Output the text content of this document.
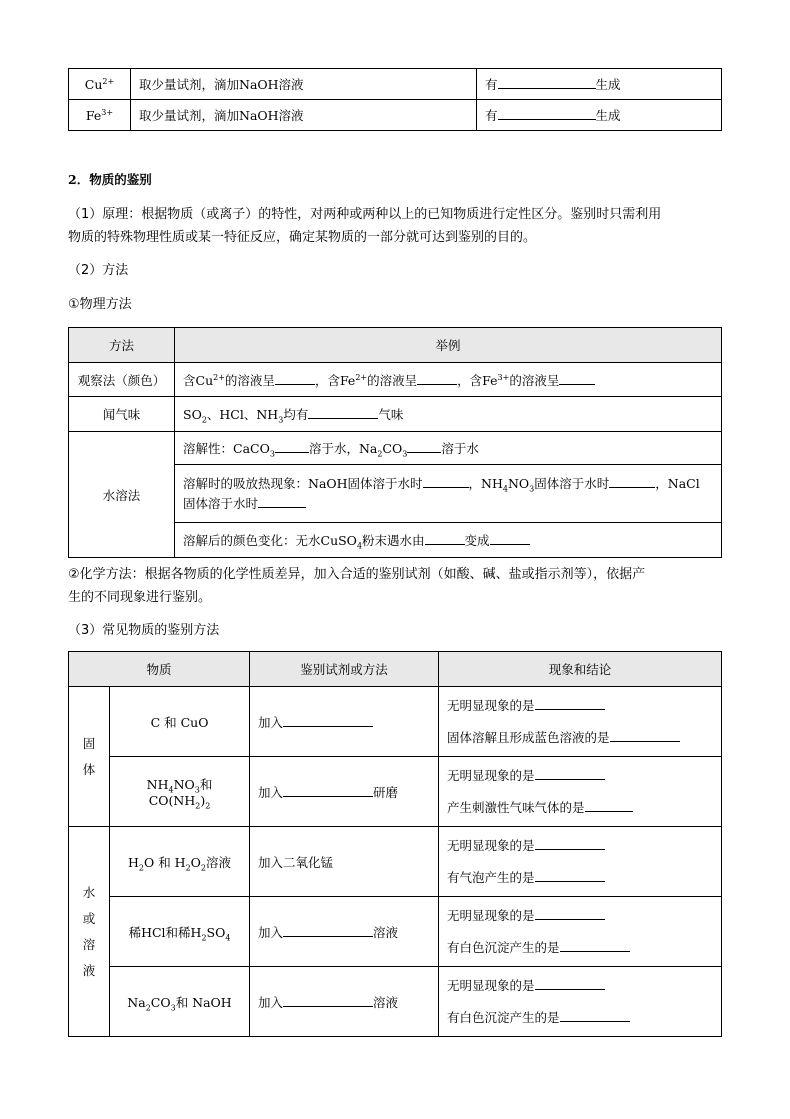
$Cu^{2+}$	取少量试剂，滴加NaOH溶液	有 生成
$Fe^{3+}$	取少量试剂，滴加NaOH溶液	有 生成
2．物质的鉴别
（1）原理：根据物质（或离子）的特性，对两种或两种以上的已知物质进行定性区分。鉴别时只需利用
物质的特殊物理性质或某一特征反应，确定某物质的一部分就可达到鉴别的目的。
（2）方法
①物理方法
方法	举例
观察法（颜色）	含$Cu^{2+}$的溶液呈 ，含$Fe^{2+}$的溶液呈 ，含$Fe^{3+}$的溶液呈
闻气味	$SO_2$、HCl、$NH_3$均有 气味
水溶法	溶解性：CaCO$_3$ 溶于水，$Na_2CO_3$ 溶于水

	溶解时的吸放热现象：NaOH固体溶于水时 ，$NH_4NO_3$固体溶于水时 ，NaCl
固体溶于水时

	溶解后的颜色变化：无水CuSO$_4$粉末遇水由 变成
②化学方法：根据各物质的化学性质差异，加入合适的鉴别试剂（如酸、碱、盐或指示剂等），依据产
生的不同现象进行鉴别。
（3）常见物质的鉴别方法
物质		鉴别试剂或方法	现象和结论
固
体	C 和 CuO	加入	无明显现象的是
固体溶解且形成蓝色溶液的是

	$NH_4NO_3$和$CO(NH_2)_2$	加入 研磨	无明显现象的是
产生刺激性气味气体的是

水
或
溶
液	$H_2O$ 和 $H_2O_2$溶液	加入二氧化锰	无明显现象的是
有气泡产生的是

	稀HCl和稀$H_2SO_4$	加入 溶液	无明显现象的是
有白色沉淀产生的是

	$Na_2CO_3$和 NaOH	加入 溶液	无明显现象的是
有白色沉淀产生的是
